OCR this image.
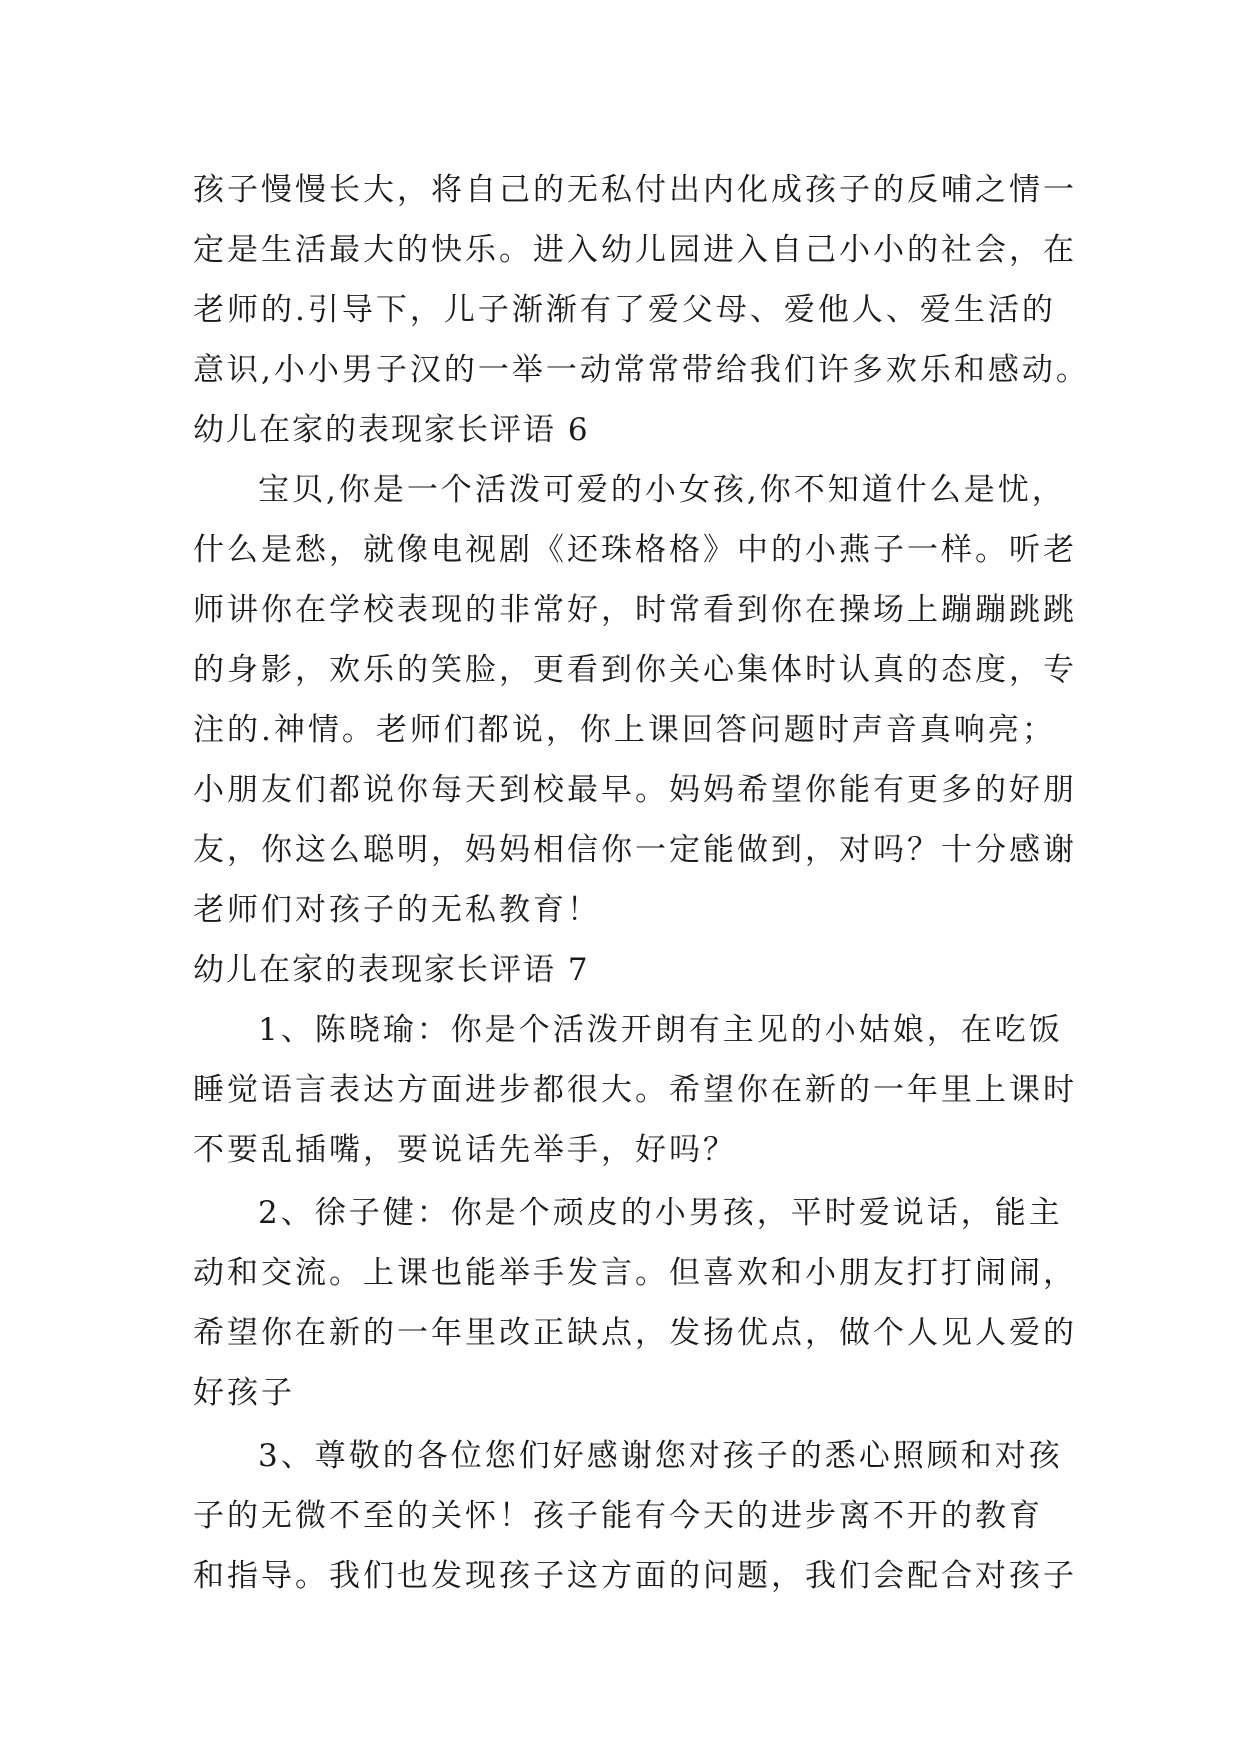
孩子慢慢长大，将自己的无私付出内化成孩子的反哺之情一
定是生活最大的快乐。进入幼儿园进入自己小小的社会，在
老师的.引导下，儿子渐渐有了爱父母、爱他人、爱生活的
意识,小小男子汉的一举一动常常带给我们许多欢乐和感动。
幼儿在家的表现家长评语 6
宝贝,你是一个活泼可爱的小女孩,你不知道什么是忧，
什么是愁，就像电视剧《还珠格格》中的小燕子一样。听老
师讲你在学校表现的非常好，时常看到你在操场上蹦蹦跳跳
的身影，欢乐的笑脸，更看到你关心集体时认真的态度，专
注的.神情。老师们都说，你上课回答问题时声音真响亮；
小朋友们都说你每天到校最早。妈妈希望你能有更多的好朋
友，你这么聪明，妈妈相信你一定能做到，对吗？十分感谢
老师们对孩子的无私教育！
幼儿在家的表现家长评语 7
1、陈晓瑜：你是个活泼开朗有主见的小姑娘，在吃饭
睡觉语言表达方面进步都很大。希望你在新的一年里上课时
不要乱插嘴，要说话先举手，好吗？
2、徐子健：你是个顽皮的小男孩，平时爱说话，能主
动和交流。上课也能举手发言。但喜欢和小朋友打打闹闹，
希望你在新的一年里改正缺点，发扬优点，做个人见人爱的
好孩子
3、尊敬的各位您们好感谢您对孩子的悉心照顾和对孩
子的无微不至的关怀！孩子能有今天的进步离不开的教育
和指导。我们也发现孩子这方面的问题，我们会配合对孩子
